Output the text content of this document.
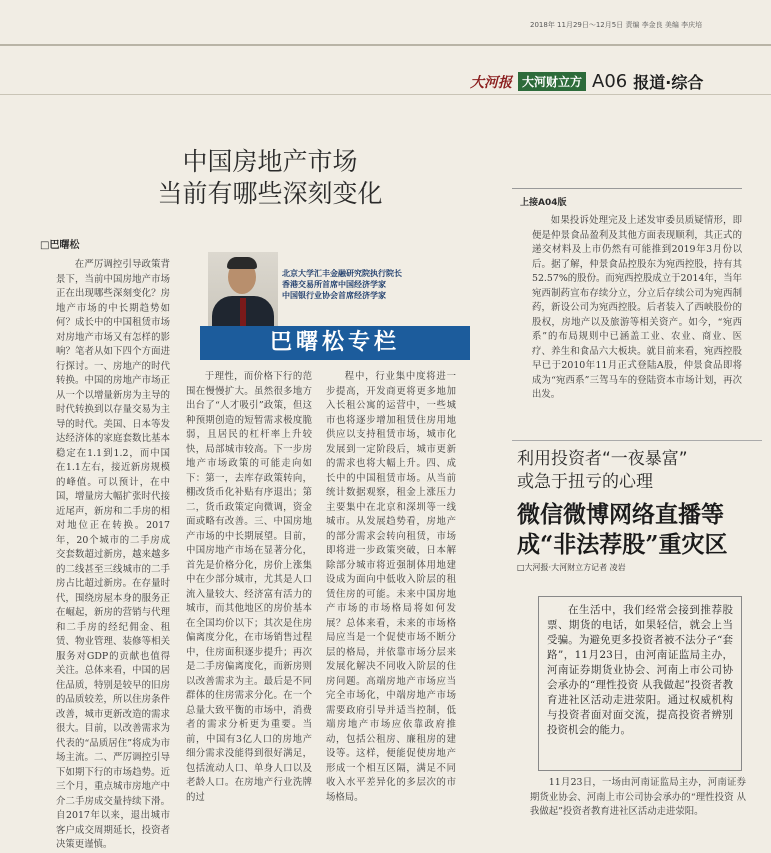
2018年 11月29日～12月5日 责编 李金良 美编 李庆培
大河报 大河财立方 A06 报道·综合
中国房地产市场
当前有哪些深刻变化
□巴曙松

在严厉调控引导政策背景下，当前中国房地产市场正在出现哪些深刻变化？房地产市场的中长期趋势如何？成长中的中国租赁市场对房地产市场又有怎样的影响？笔者从如下四个方面进行探讨。一、房地产的时代转换。中国的房地产市场正从一个以增量新房为主导的时代转换到以存量交易为主导的时代。美国、日本等发达经济体的家庭套数比基本稳定在1.1到1.2，而中国在1.1左右，接近新房规模的峰值。可以预计，在中国，增量房大幅扩张时代接近尾声，新房和二手房的相对地位正在转换。2017年，20个城市的二手房成交套数超过新房，越来越多的二线甚至三线城市的二手房占比超过新房。在存量时代，围绕房屋本身的服务正在崛起，新房的营销与代理和二手房的经纪佣金、租赁、物业管理、装修等相关服务对GDP的贡献也值得关注。总体来看，中国的居住品质，特别是较早的旧房的品质较差，所以住房条件改善，城市更新改造的需求很大。目前，以改善需求为代表的“品质居住”将成为市场主流。二、严厉调控引导下如期下行的市场趋势。近三个月，重点城市房地产中介二手房成交量持续下滑。自2017年以来，退出城市客户成交周期延长，投资者决策更谨慎。

北京大学汇丰金融研究院执行院长
香港交易所首席中国经济学家
中国银行业协会首席经济学家
巴曙松专栏

于理性，而价格下行的范围在慢慢扩大。虽然很多地方出台了“人才吸引”政策，但这种预期创造的短暂需求极度脆弱，且居民的杠杆率上升较快，局部城市较高。下一步房地产市场政策的可能走向如下：第一，去库存政策转向，棚改货币化补贴有序退出；第二，货币政策定向微调，资金面或略有改善。三、中国房地产市场的中长期展望。目前，中国房地产市场在显著分化，首先是价格分化，房价上涨集中在少部分城市，尤其是人口流入量较大、经济富有活力的城市，而其他地区的房价基本在全国均价以下；其次是住房偏离度分化，在市场销售过程中，住房面积逐步提升；再次是二手房偏离度化，而新房则以改善需求为主。最后是不同群体的住房需求分化。在一个总量大致平衡的市场中，消费者的需求分析更为重要。当前，中国有3亿人口的房地产细分需求没能得到很好满足，包括流动人口、单身人口以及老龄人口。在房地产行业洗牌的过

程中，行业集中度将进一步提高，开发商更将更多地加入长租公寓的运营中，一些城市也将逐步增加租赁住房用地供应以支持租赁市场，城市化发展到一定阶段后，城市更新的需求也将大幅上升。四、成长中的中国租赁市场。从当前统计数据观察，租金上涨压力主要集中在北京和深圳等一线城市。从发展趋势看，房地产的部分需求会转向租赁，市场即将进一步政策突破，日本解除部分城市将近强制体用地建设成为面向中低收入阶层的租赁住房的可能。未来中国房地产市场的市场格局将如何发展？总体来看，未来的市场格局应当是一个促使市场不断分层的格局，并依靠市场分层来发展化解决不同收入阶层的住房问题。高端房地产市场应当完全市场化，中端房地产市场需要政府引导并适当控制，低端房地产市场应依靠政府推动，包括公租房、廉租房的建设等。这样，便能促使房地产形成一个相互区隔，满足不同收入水平差异化的多层次的市场格局。

上接A04版

如果投诉处理完及上述发审委员质疑情形，即便是仲景食品盈利及其他方面表现顺利，其正式的递交材料及上市仍然有可能推到2019年3月份以后。据了解，仲景食品控股东为宛西控股，持有其52.57%的股份。而宛西控股成立于2014年，当年宛西制药宣布存续分立，分立后存续公司为宛西制药，新设公司为宛西控股。后者装入了西峡股份的股权，房地产以及旅游等相关资产。如今，“宛西系”的布局规则中已涵盖工业、农业、商业、医疗、养生和食品六大板块。就目前来看，宛西控股早已于2010年11月正式登陆A股，仲景食品即将成为“宛西系”三驾马车的登陆资本市场计划，再次出发。

利用投资者“一夜暴富”
或急于扭亏的心理
微信微博网络直播等
成“非法荐股”重灾区
□大河报·大河财立方记者 凌岩

在生活中，我们经常会接到推荐股票、期货的电话，如果轻信，就会上当受骗。为避免更多投资者被不法分子“套路”，11月23日，由河南证监局主办，河南证券期货业协会、河南上市公司协会承办的“理性投资 从我做起”投资者教育进社区活动走进荥阳。通过权威机构与投资者面对面交流，提高投资者辨别投资机会的能力。

11月23日，一场由河南证监局主办，河南证券期货业协会、河南上市公司协会承办的“理性投资 从我做起”投资者教育进社区活动走进荥阳。
